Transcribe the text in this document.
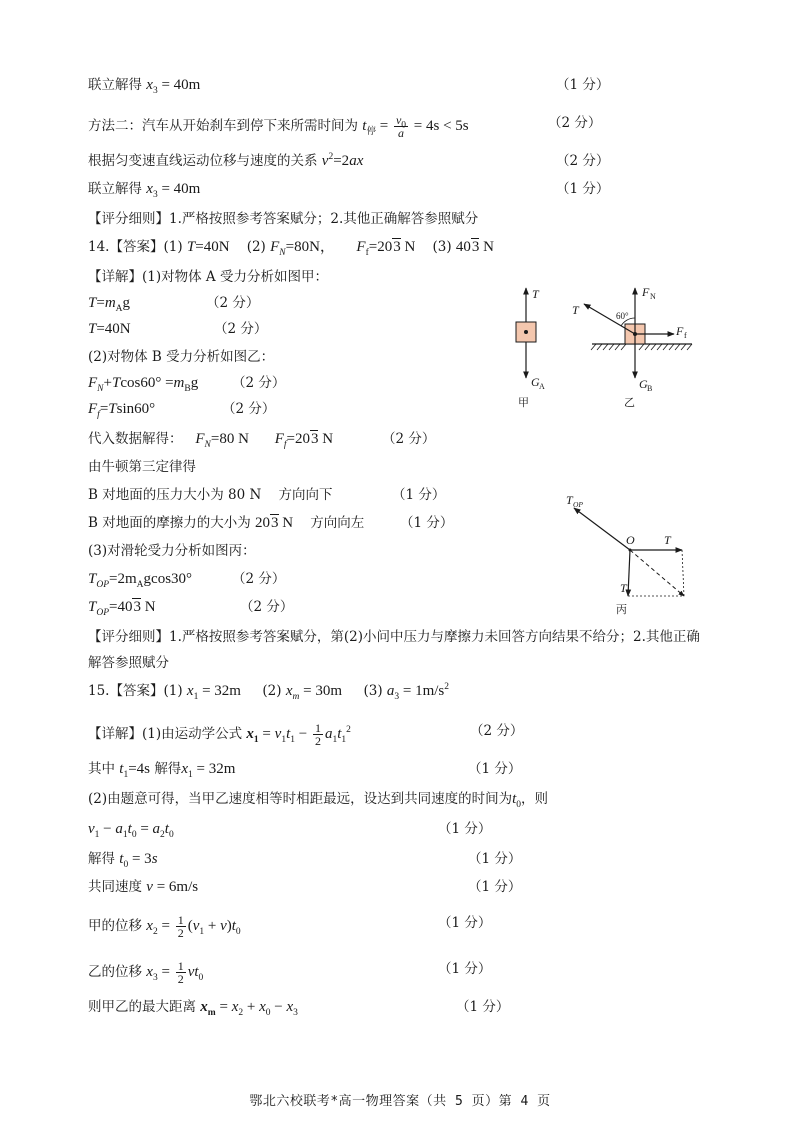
联立解得 $x_3 = 40m$	（1 分）
方法二：汽车从开始刹车到停下来所需时间为 $t_停 = \frac{v_0}{a} = 4s < 5s$	（2 分）
根据匀变速直线运动位移与速度的关系 $v^2=2ax$	（2 分）
联立解得 $x_3 = 40m$	（1 分）
【评分细则】1.严格按照参考答案赋分；2.其他正确解答参照赋分
14.【答案】(1) T=40N    (2) $F_N=80N$， $F_f=203$ N    (3) 403 N
【详解】(1)对物体 A 受力分析如图甲：
$T=m_Ag$	（2 分）
T=40N	（2 分）
(2)对物体 B 受力分析如图乙：
$F_N+Tcos60^\circ =m_Bg$	（2 分）
$F_f=Tsin60^\circ$	（2 分）
代入数据解得： $F_N=80$ N $F_f=203$ N	（2 分）
由牛顿第三定律得
B 对地面的压力大小为 80 N 方向向下	（1 分）
B 对地面的摩擦力的大小为 203 N 方向向左	（1 分）
(3)对滑轮受力分析如图丙：
$T_{OP}=2m_Agcos30^\circ$	（2 分）
$T_{OP}=403$ N	（2 分）
【评分细则】1.严格按照参考答案赋分，第(2)小问中压力与摩擦力未回答方向结果不给分；2.其他正确
解答参照赋分
15.【答案】(1) $x_1 = 32m$     (2) $x_m = 30m$     (3) $a_3 = 1m/s^2$
【详解】(1)由运动学公式 $x_1 = v_1t_1 - \frac{1}{2} a_1t_1^2$	（2 分）
其中 $t_1=4s$ 解得$x_1 = 32m$	（1 分）
(2)由题意可得，当甲乙速度相等时相距最远，设达到共同速度的时间为$t_0$，则
$v_1 - a_1t_0 = a_2t_0$	（1 分）
解得 $t_0 = 3s$	（1 分）
共同速度 v = 6m/s	（1 分）
甲的位移 $x_2 = \frac{1}{2} (v_1 + v)t_0$
（1 分）
乙的位移 $x_3 = \frac{1}{2} vt_0$
（1 分）
则甲乙的最大距离 $x_m = x_2 + x_0 - x_3$	（1 分）
T
G A
甲
60°
F N
T
F f
G B
乙
T OP
O T
T
丙
鄂北六校联考*高一物理答案（共 5 页）第 4 页
